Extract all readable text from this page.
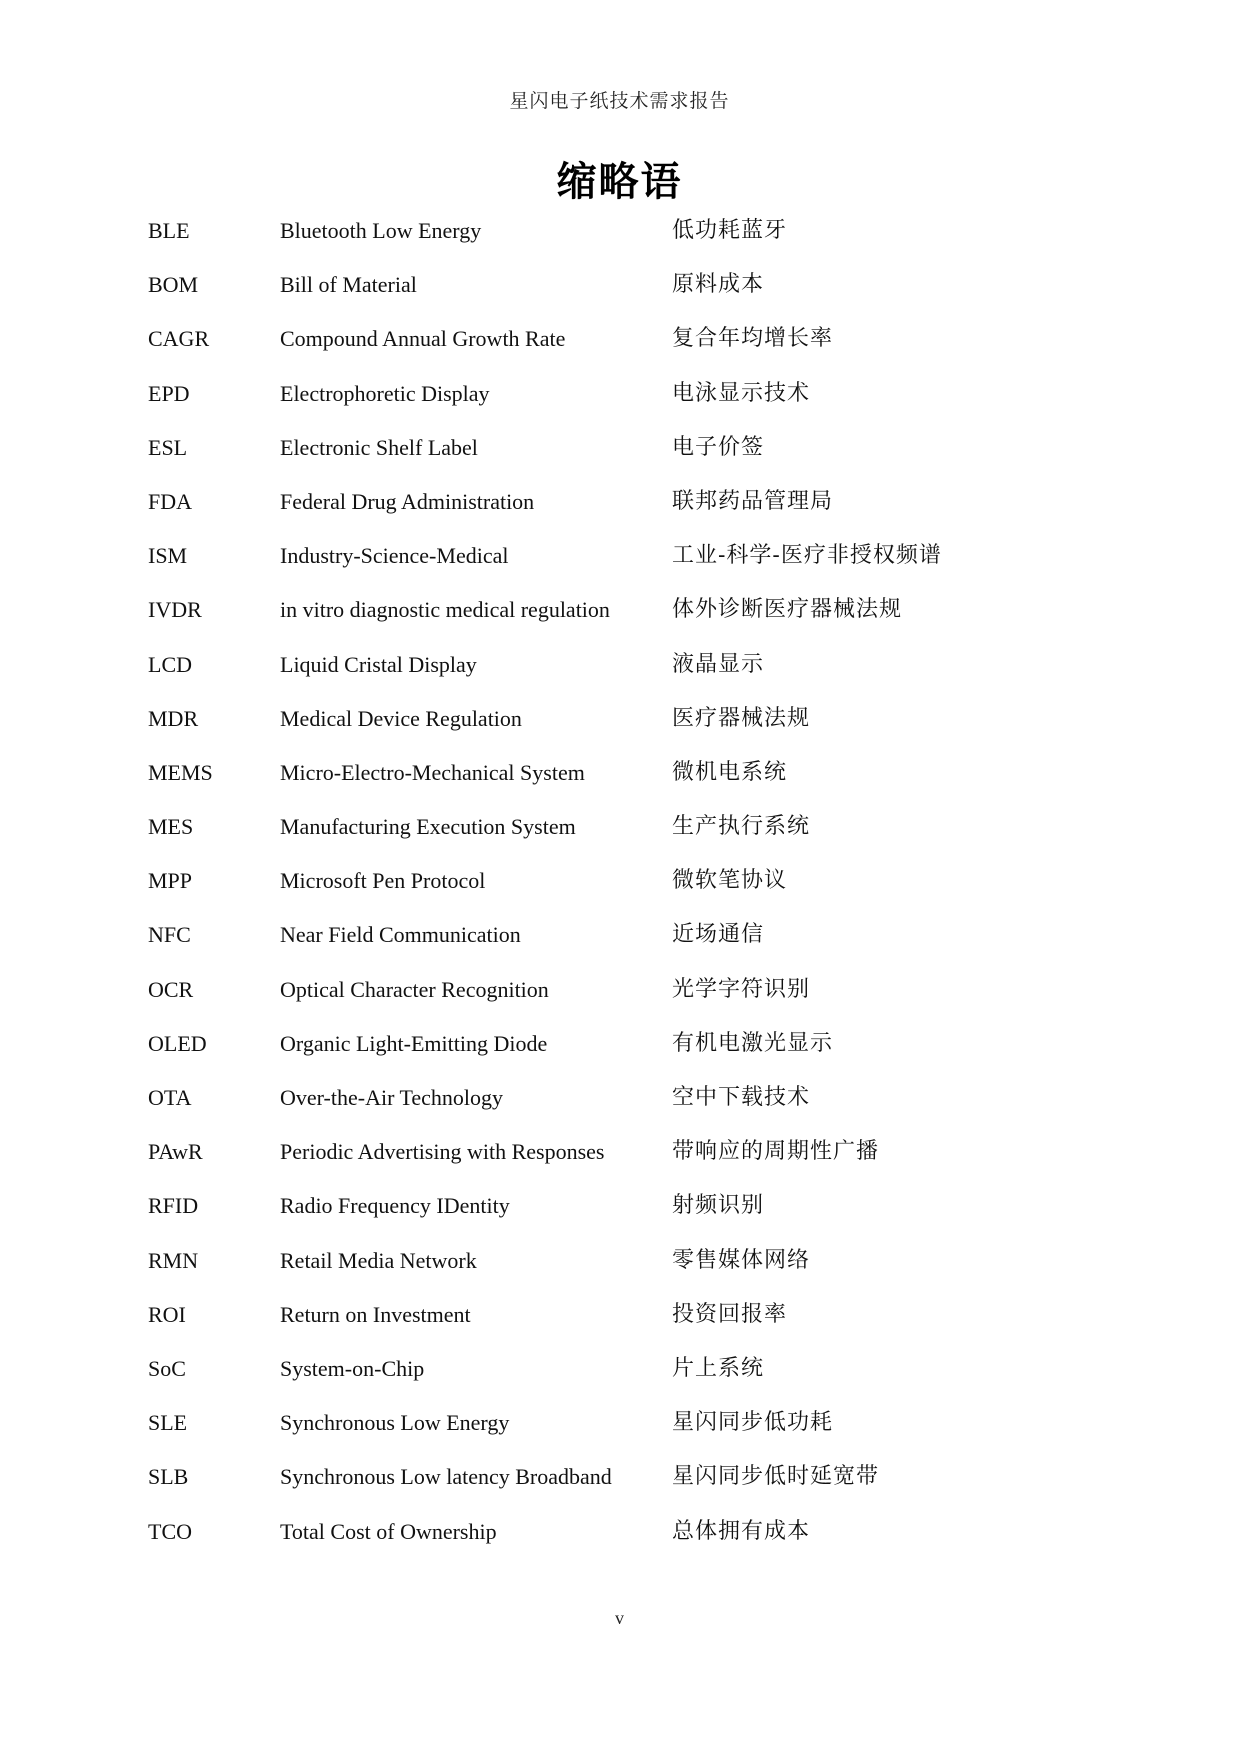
星闪电子纸技术需求报告
缩略语
BLE	Bluetooth Low Energy	低功耗蓝牙
BOM	Bill of Material	原料成本
CAGR	Compound Annual Growth Rate	复合年均增长率
EPD	Electrophoretic Display	电泳显示技术
ESL	Electronic Shelf Label	电子价签
FDA	Federal Drug Administration	联邦药品管理局
ISM	Industry-Science-Medical	工业-科学-医疗非授权频谱
IVDR	in vitro diagnostic medical regulation	体外诊断医疗器械法规
LCD	Liquid Cristal Display	液晶显示
MDR	Medical Device Regulation	医疗器械法规
MEMS	Micro-Electro-Mechanical System	微机电系统
MES	Manufacturing Execution System	生产执行系统
MPP	Microsoft Pen Protocol	微软笔协议
NFC	Near Field Communication	近场通信
OCR	Optical Character Recognition	光学字符识别
OLED	Organic Light-Emitting Diode	有机电激光显示
OTA	Over-the-Air Technology	空中下载技术
PAwR	Periodic Advertising with Responses	带响应的周期性广播
RFID	Radio Frequency IDentity	射频识别
RMN	Retail Media Network	零售媒体网络
ROI	Return on Investment	投资回报率
SoC	System-on-Chip	片上系统
SLE	Synchronous Low Energy	星闪同步低功耗
SLB	Synchronous Low latency Broadband	星闪同步低时延宽带
TCO	Total Cost of Ownership	总体拥有成本
v
